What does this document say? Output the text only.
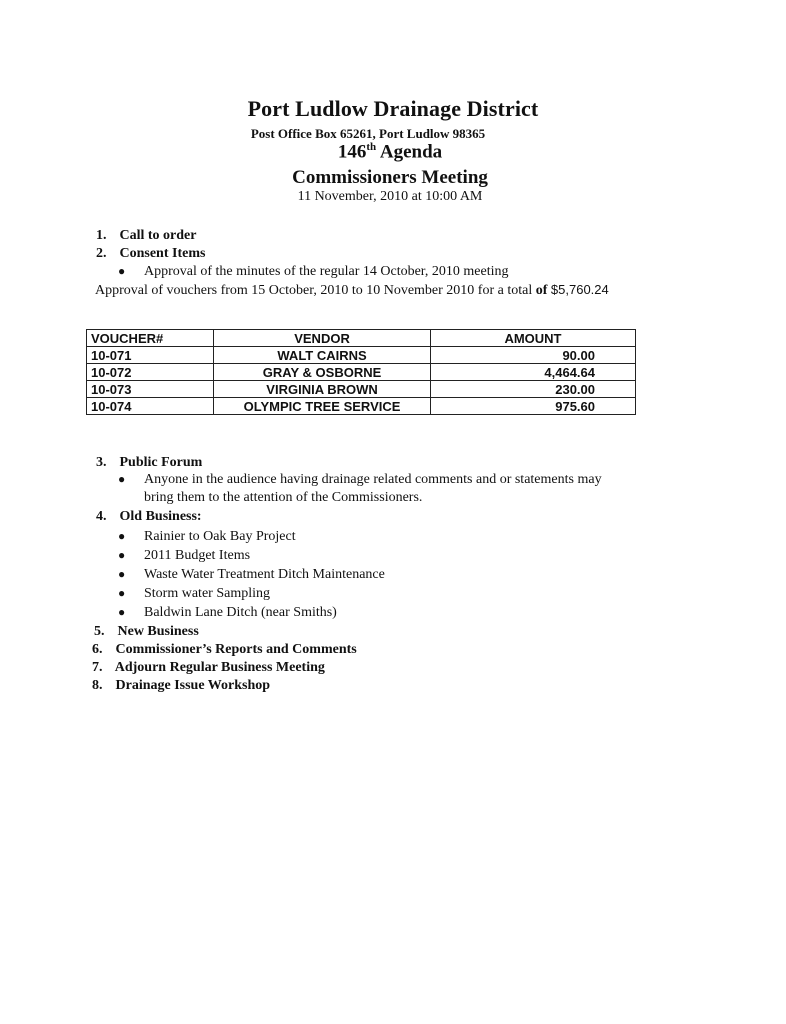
Port Ludlow Drainage District
Post Office Box 65261, Port Ludlow 98365
146th Agenda
Commissioners Meeting
11 November, 2010 at 10:00 AM
1. Call to order
2. Consent Items
● Approval of the minutes of the regular 14 October, 2010 meeting
Approval of vouchers from 15 October, 2010 to 10 November 2010 for a total of $5,760.24
VOUCHER#	VENDOR	AMOUNT
10-071	WALT CAIRNS	90.00
10-072	GRAY & OSBORNE	4,464.64
10-073	VIRGINIA BROWN	230.00
10-074	OLYMPIC TREE SERVICE	975.60
3. Public Forum
● Anyone in the audience having drainage related comments and or statements may
bring them to the attention of the Commissioners.
4. Old Business:
● Rainier to Oak Bay Project
● 2011 Budget Items
● Waste Water Treatment Ditch Maintenance
● Storm water Sampling
● Baldwin Lane Ditch (near Smiths)
5. New Business
6. Commissioner’s Reports and Comments
7. Adjourn Regular Business Meeting
8. Drainage Issue Workshop
